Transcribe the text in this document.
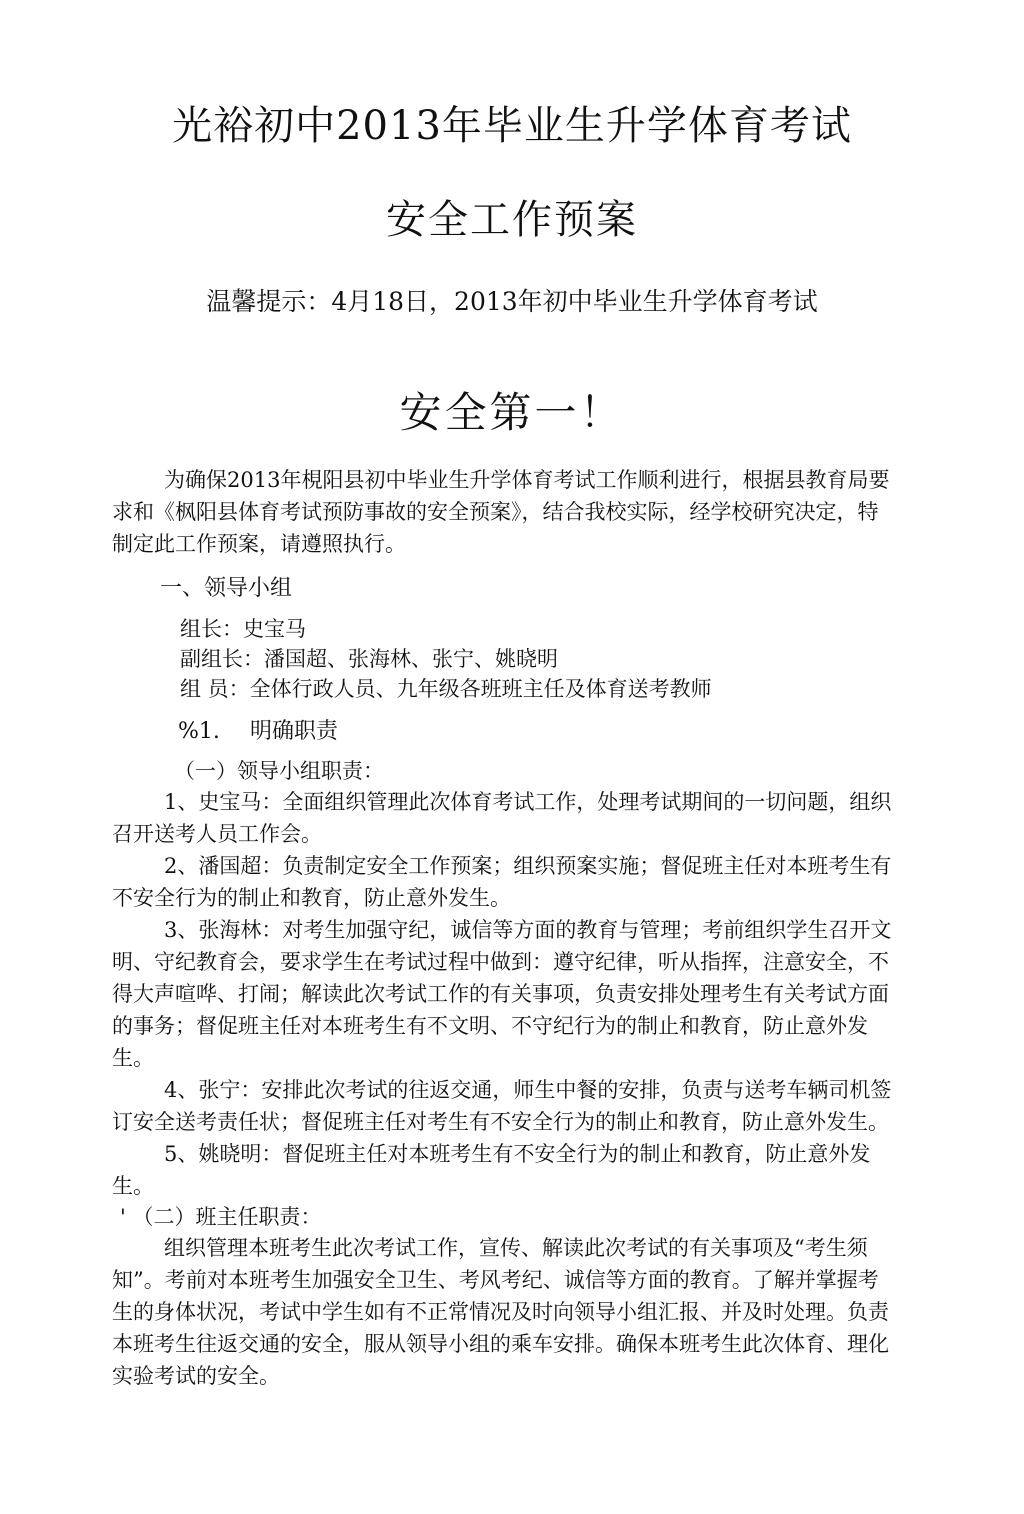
光裕初中2013年毕业生升学体育考试
安全工作预案

温馨提示：4月18日，2013年初中毕业生升学体育考试

安全第一！

为确保2013年梘阳县初中毕业生升学体育考试工作顺利进行，根据县教育局要求和《枫阳县体育考试预防事故的安全预案》，结合我校实际，经学校研究决定，特制定此工作预案，请遵照执行。

一、领导小组

组长：史宝马

副组长：潘国超、张海林、张宁、姚晓明

组 员：全体行政人员、九年级各班班主任及体育送考教师

%1. 明确职责

（一）领导小组职责：

1、史宝马：全面组织管理此次体育考试工作，处理考试期间的一切问题，组织召开送考人员工作会。

2、潘国超：负责制定安全工作预案；组织预案实施；督促班主任对本班考生有不安全行为的制止和教育，防止意外发生。

3、张海林：对考生加强守纪，诚信等方面的教育与管理；考前组织学生召开文明、守纪教育会，要求学生在考试过程中做到：遵守纪律，听从指挥，注意安全，不得大声喧哗、打闹；解读此次考试工作的有关事项，负责安排处理考生有关考试方面的事务；督促班主任对本班考生有不文明、不守纪行为的制止和教育，防止意外发生。

4、张宁：安排此次考试的往返交通，师生中餐的安排，负责与送考车辆司机签订安全送考责任状；督促班主任对考生有不安全行为的制止和教育，防止意外发生。

5、姚晓明：督促班主任对本班考生有不安全行为的制止和教育，防止意外发生。

' （二）班主任职责：

组织管理本班考生此次考试工作，宣传、解读此次考试的有关事项及“考生须知”。考前对本班考生加强安全卫生、考风考纪、诚信等方面的教育。了解并掌握考生的身体状况，考试中学生如有不正常情况及时向领导小组汇报、并及时处理。负责本班考生往返交通的安全，服从领导小组的乘车安排。确保本班考生此次体育、理化实验考试的安全。
